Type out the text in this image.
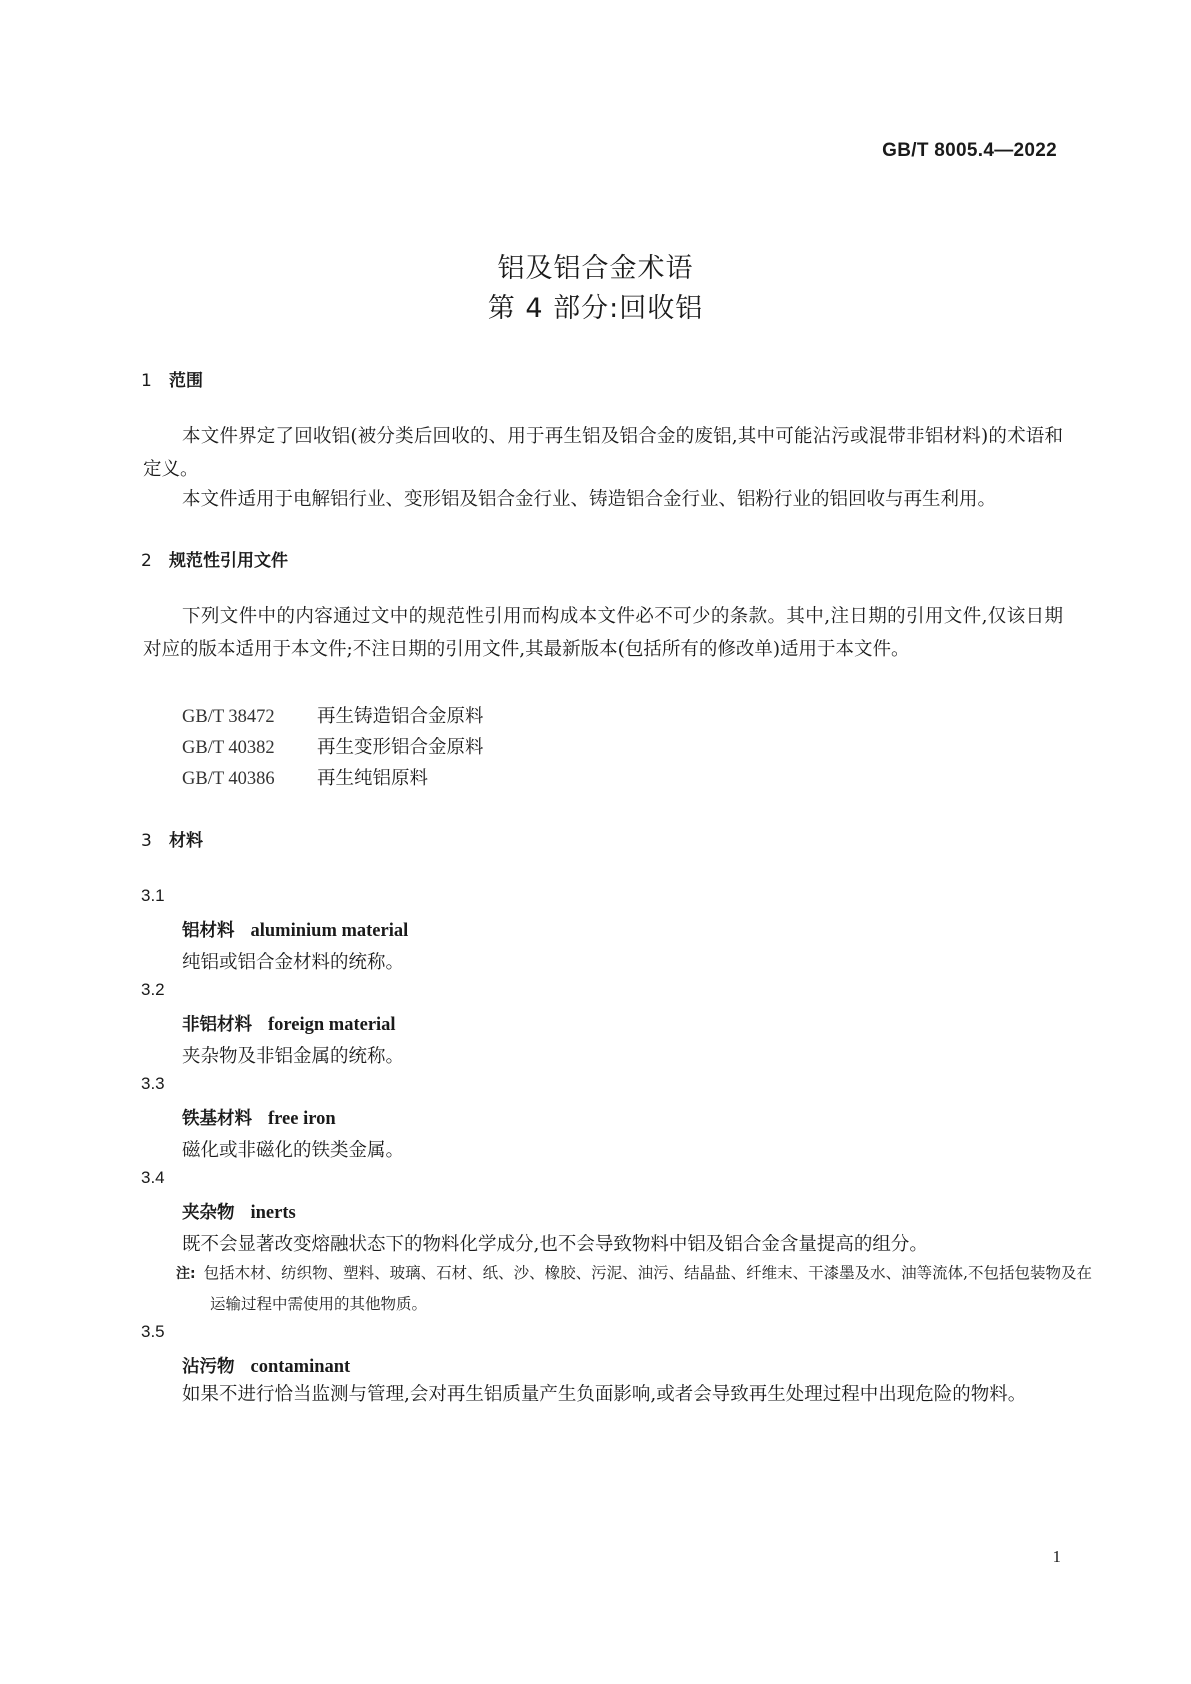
GB/T 8005.4—2022
铝及铝合金术语
第 4 部分:回收铝
1 范围
本文件界定了回收铝(被分类后回收的、用于再生铝及铝合金的废铝,其中可能沾污或混带非铝材料)的术语和定义。
本文件适用于电解铝行业、变形铝及铝合金行业、铸造铝合金行业、铝粉行业的铝回收与再生利用。
2 规范性引用文件
下列文件中的内容通过文中的规范性引用而构成本文件必不可少的条款。其中,注日期的引用文件,仅该日期对应的版本适用于本文件;不注日期的引用文件,其最新版本(包括所有的修改单)适用于本文件。
GB/T 38472 再生铸造铝合金原料
GB/T 40382 再生变形铝合金原料
GB/T 40386 再生纯铝原料
3 材料
3.1
铝材料 aluminium material
纯铝或铝合金材料的统称。
3.2
非铝材料 foreign material
夹杂物及非铝金属的统称。
3.3
铁基材料 free iron
磁化或非磁化的铁类金属。
3.4
夹杂物 inerts
既不会显著改变熔融状态下的物料化学成分,也不会导致物料中铝及铝合金含量提高的组分。
注: 包括木材、纺织物、塑料、玻璃、石材、纸、沙、橡胶、污泥、油污、结晶盐、纤维末、干漆墨及水、油等流体,不包括包装物及在运输过程中需使用的其他物质。
3.5
沾污物 contaminant
如果不进行恰当监测与管理,会对再生铝质量产生负面影响,或者会导致再生处理过程中出现危险的物料。
1
